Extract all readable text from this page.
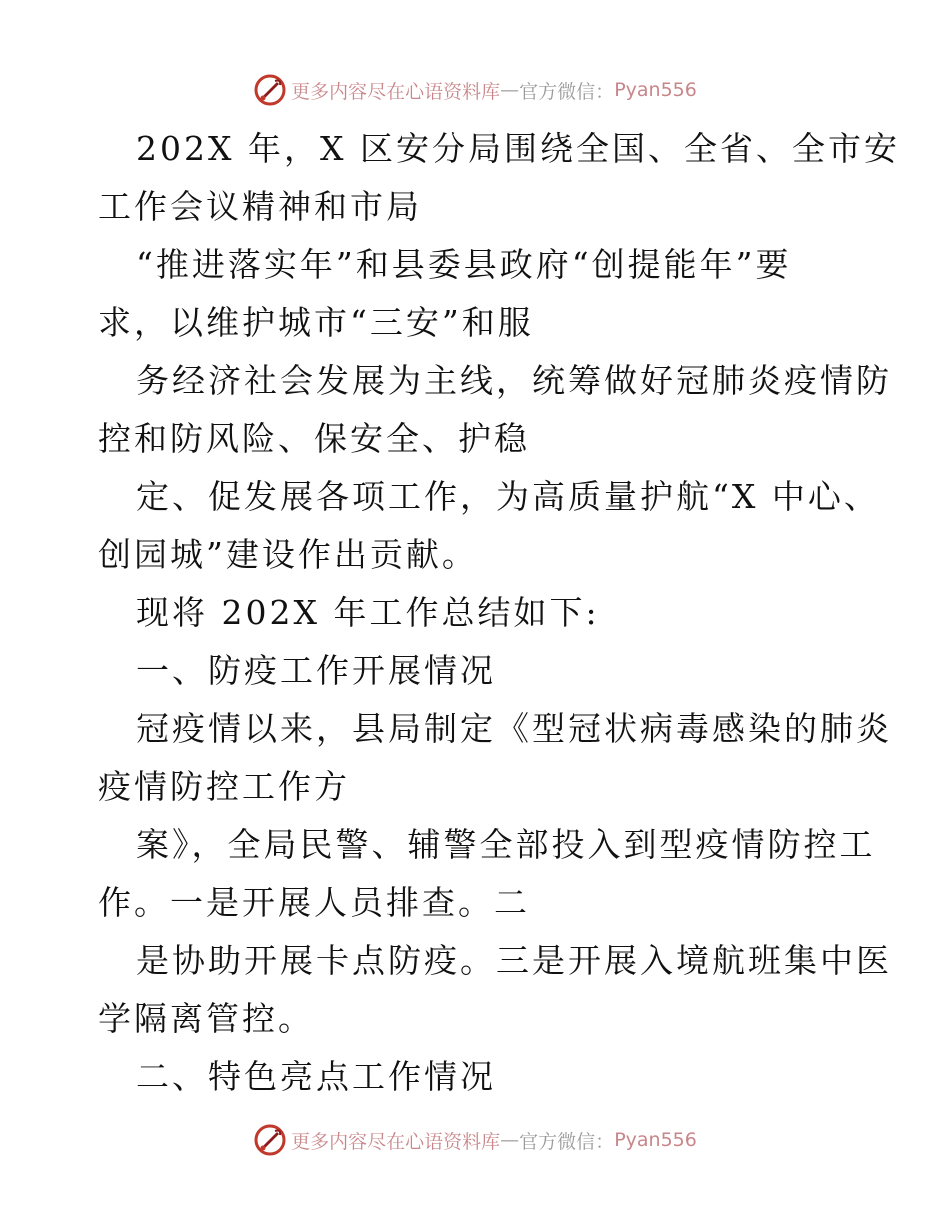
更多内容尽在心语资料库 — 官方微信： Pyan556
202X 年，X 区安分局围绕全国、全省、全市安
工作会议精神和市局
“推进落实年”和县委县政府“创提能年”要
求，以维护城市“三安”和服
务经济社会发展为主线，统筹做好冠肺炎疫情防
控和防风险、保安全、护稳
定、促发展各项工作，为高质量护航“X 中心、
创园城”建设作出贡献。
现将 202X 年工作总结如下:
一、防疫工作开展情况
冠疫情以来，县局制定《型冠状病毒感染的肺炎
疫情防控工作方
案》，全局民警、辅警全部投入到型疫情防控工
作。一是开展人员排查。二
是协助开展卡点防疫。三是开展入境航班集中医
学隔离管控。
二、特色亮点工作情况
更多内容尽在心语资料库 — 官方微信： Pyan556
